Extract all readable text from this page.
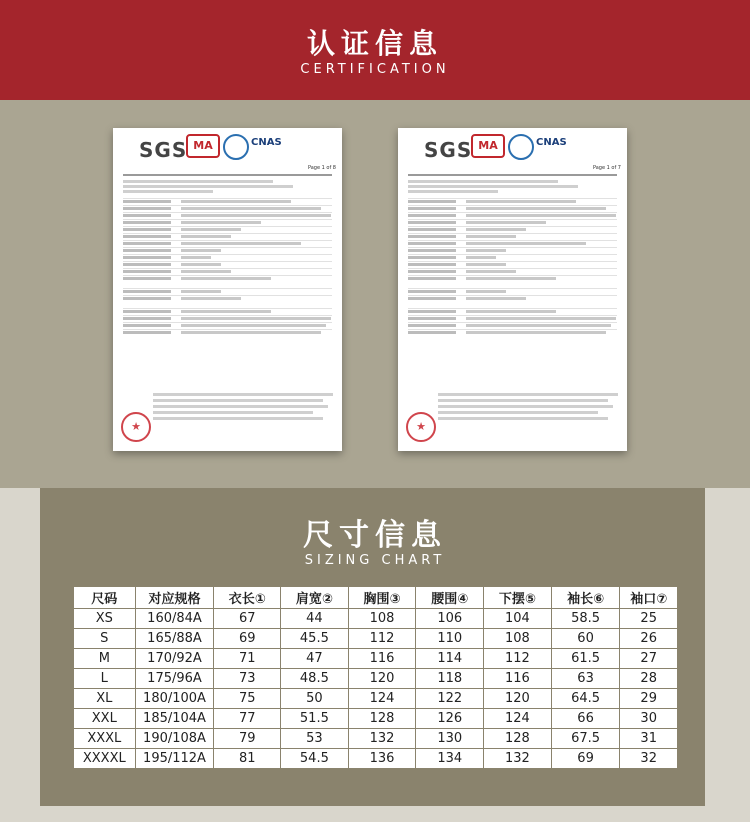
认证信息
CERTIFICATION
SGS MA	CNAS
Page 1 of 8
★
SGS MA	CNAS
Page 1 of 7
★
尺寸信息
SIZING CHART
尺码	对应规格	衣长①	肩宽②	胸围③	腰围④	下摆⑤	袖长⑥	袖口⑦
XS	160/84A	67	44	108	106	104	58.5	25
S	165/88A	69	45.5	112	110	108	60	26
M	170/92A	71	47	116	114	112	61.5	27
L	175/96A	73	48.5	120	118	116	63	28
XL	180/100A	75	50	124	122	120	64.5	29
XXL	185/104A	77	51.5	128	126	124	66	30
XXXL	190/108A	79	53	132	130	128	67.5	31
XXXXL	195/112A	81	54.5	136	134	132	69	32
